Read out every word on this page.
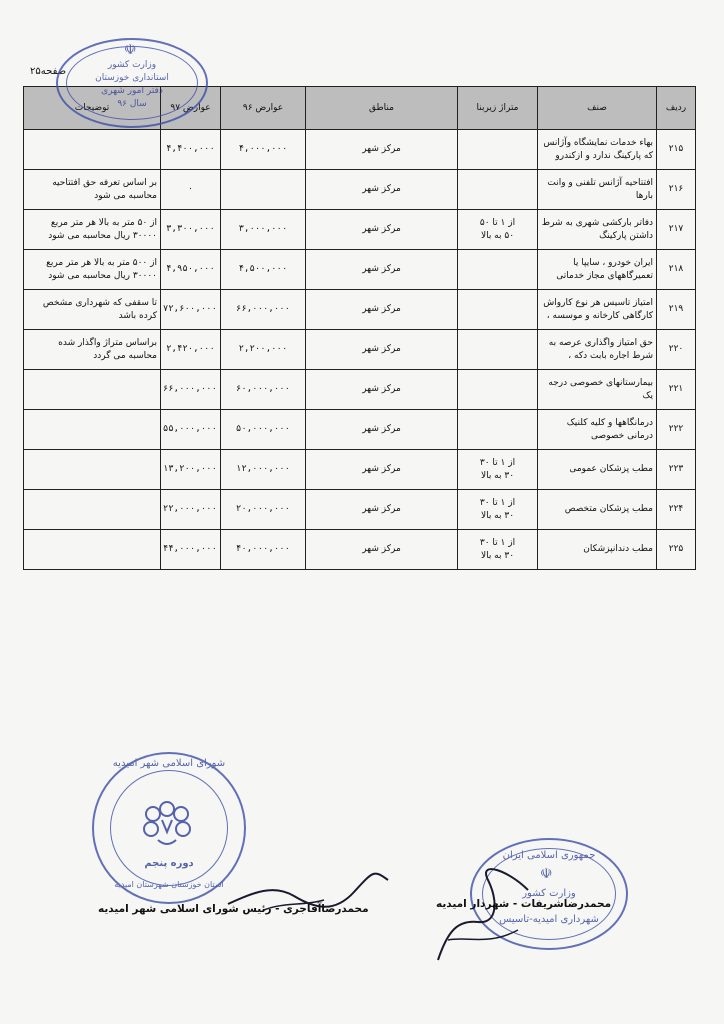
صفحه۲۵
ردیف	صنف	متراژ زیربنا	مناطق	عوارض ۹۶	عوارض ۹۷	توضیحات
۲۱۵	بهاء خدمات نمایشگاه وآژانس که پارکینگ ندارد و ازکندرو		مرکز شهر	۴,۰۰۰,۰۰۰	۴,۴۰۰,۰۰۰	
۲۱۶	افتتاحیه آژانس تلفنی و وانت بارها		مرکز شهر		۰	بر اساس تعرفه حق افتتاحیه محاسبه می شود
۲۱۷	دفاتر بارکشی شهری به شرط داشتن پارکینگ	از ۱ تا ۵۰
۵۰ به بالا	مرکز شهر	۳,۰۰۰,۰۰۰	۳,۳۰۰,۰۰۰	از ۵۰ متر به بالا هر متر مربع ۳۰۰۰۰ ریال محاسبه می شود
۲۱۸	ایران خودرو ، سایپا یا تعمیرگاههای مجاز خدماتی		مرکز شهر	۴,۵۰۰,۰۰۰	۴,۹۵۰,۰۰۰	از ۵۰۰ متر به بالا هر متر مربع ۳۰۰۰۰ ریال محاسبه می شود
۲۱۹	امتیاز تاسیس هر نوع کارواش کارگاهی کارخانه و موسسه ،		مرکز شهر	۶۶,۰۰۰,۰۰۰	۷۲,۶۰۰,۰۰۰	تا سقفی که شهرداری مشخص کرده باشد
۲۲۰	حق امتیاز واگذاری عرصه به شرط اجاره بابت دکه ،		مرکز شهر	۲,۲۰۰,۰۰۰	۲,۴۲۰,۰۰۰	براساس متراژ واگذار شده محاسبه می گردد
۲۲۱	بیمارستانهای خصوصی درجه یک		مرکز شهر	۶۰,۰۰۰,۰۰۰	۶۶,۰۰۰,۰۰۰	
۲۲۲	درمانگاهها و کلیه کلنیک درمانی خصوصی		مرکز شهر	۵۰,۰۰۰,۰۰۰	۵۵,۰۰۰,۰۰۰	
۲۲۳	مطب پزشکان عمومی	از ۱ تا ۳۰
۳۰ به بالا	مرکز شهر	۱۲,۰۰۰,۰۰۰	۱۳,۲۰۰,۰۰۰	
۲۲۴	مطب پزشکان متخصص	از ۱ تا ۳۰
۳۰ به بالا	مرکز شهر	۲۰,۰۰۰,۰۰۰	۲۲,۰۰۰,۰۰۰	
۲۲۵	مطب دندانپزشکان	از ۱ تا ۳۰
۳۰ به بالا	مرکز شهر	۴۰,۰۰۰,۰۰۰	۴۴,۰۰۰,۰۰۰	
☫
وزارت کشور
استانداری خوزستان
دفتر امور شهری
سال ۹۶
شورای اسلامی شهر امیدیه
دوره پنجم
استان خوزستان شهرستان امیدیه
جمهوری اسلامی ایران
☫
وزارت کشور
شهرداری امیدیه-تاسیس
محمدرضاآقاجری - رئیس شورای اسلامی شهر امیدیه	محمدرضاشریفات - شهردار امیدیه
